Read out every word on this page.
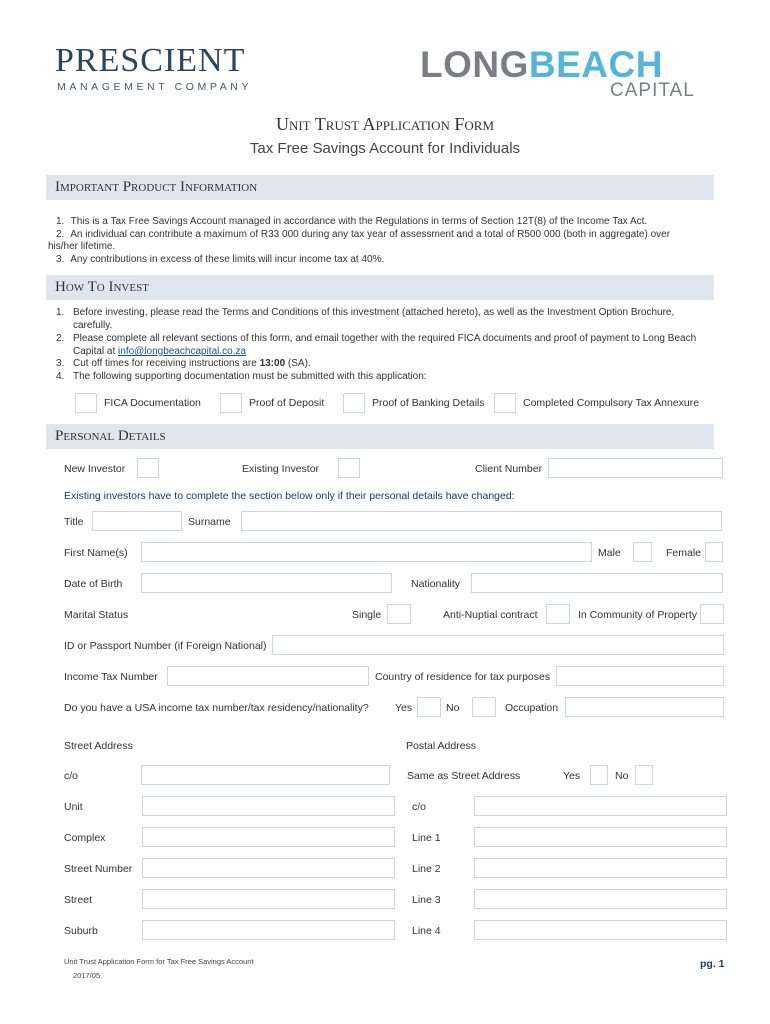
PRESCIENT
MANAGEMENT COMPANY
LONGBEACH
CAPITAL
Unit Trust Application Form
Tax Free Savings Account for Individuals
Important Product Information
1. This is a Tax Free Savings Account managed in accordance with the Regulations in terms of Section 12T(8) of the Income Tax Act.
2. An individual can contribute a maximum of R33 000 during any tax year of assessment and a total of R500 000 (both in aggregate) over
his/her lifetime.
3. Any contributions in excess of these limits will incur income tax at 40%.
How To Invest
1. Before investing, please read the Terms and Conditions of this investment (attached hereto), as well as the Investment Option Brochure,
carefully.
2. Please complete all relevant sections of this form, and email together with the required FICA documents and proof of payment to Long Beach
Capital at info@longbeachcapital.co.za
3. Cut off times for receiving instructions are 13:00 (SA).
4. The following supporting documentation must be submitted with this application:
FICA Documentation	Proof of Deposit	Proof of Banking Details	Completed Compulsory Tax Annexure
Personal Details
New Investor	Existing Investor	Client Number
Existing investors have to complete the section below only if their personal details have changed:
Title	Surname
First Name(s)	Male	Female
Date of Birth	Nationality
Marital Status	Single	Anti-Nuptial contract	In Community of Property
ID or Passport Number (if Foreign National)
Income Tax Number	Country of residence for tax purposes
Do you have a USA income tax number/tax residency/nationality?	Yes	No	Occupation
Street Address	Postal Address
c/o	Same as Street Address	Yes	No
Unit	c/o
Complex	Line 1
Street Number	Line 2
Street	Line 3
Suburb	Line 4
Unit Trust Application Form for Tax Free Savings Account
2017/05
pg. 1
